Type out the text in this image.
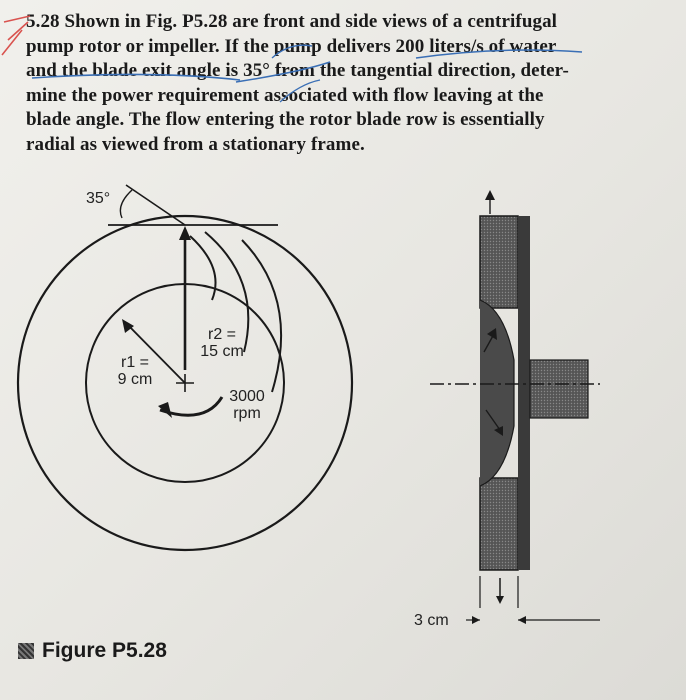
5.28 Shown in Fig. P5.28 are front and side views of a centrifugal
pump rotor or impeller. If the pump delivers 200 liters/s of water
and the blade exit angle is 35° from the tangential direction, deter-
mine the power requirement associated with flow leaving at the
blade angle. The flow entering the rotor blade row is essentially
radial as viewed from a stationary frame.
35°
r2 =
15 cm
r1 =
9 cm
3000
rpm
3 cm
Figure P5.28
